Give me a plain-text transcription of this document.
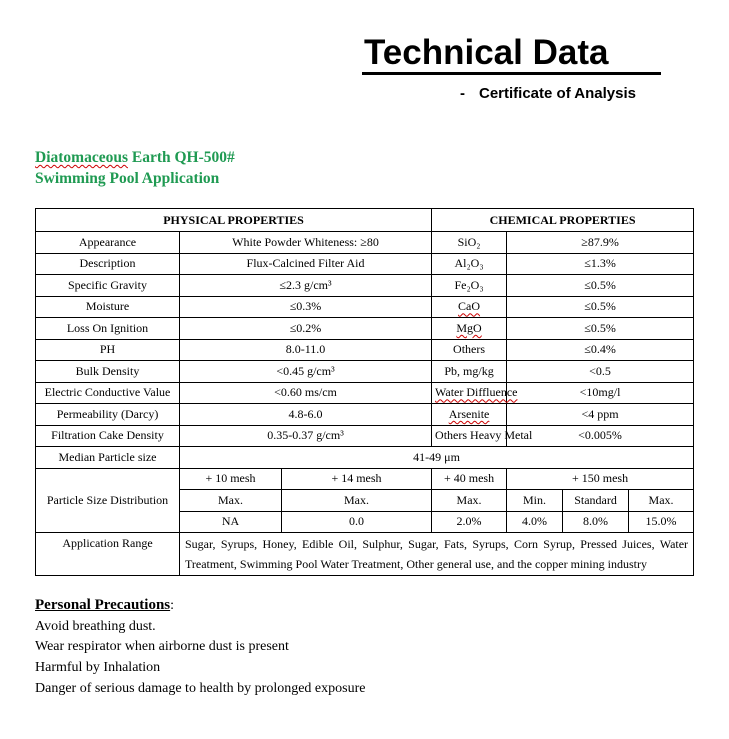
Technical Data
- Certificate of Analysis
Diatomaceous Earth QH-500#
Swimming Pool Application
PHYSICAL PROPERTIES			CHEMICAL PROPERTIES			
Appearance	White Powder Whiteness: ≥80		SiO₂	≥87.9%		
Description	Flux-Calcined Filter Aid		Al₂O₃	≤1.3%		
Specific Gravity	≤2.3 g/cm³		Fe₂O₃	≤0.5%		
Moisture	≤0.3%		CaO	≤0.5%		
Loss On Ignition	≤0.2%		MgO	≤0.5%		
PH	8.0-11.0		Others	≤0.4%		
Bulk Density	<0.45 g/cm³		Pb, mg/kg	<0.5		
Electric Conductive Value	<0.60 ms/cm		Water Diffluence	<10mg/l		
Permeability (Darcy)	4.8-6.0		Arsenite	<4 ppm		
Filtration Cake Density	0.35-0.37 g/cm³		Others Heavy Metal	<0.005%		
Median Particle size	41-49 μm					
Particle Size Distribution	+ 10 mesh	+ 14 mesh	+ 40 mesh	+ 150 mesh		
	Max.	Max.	Max.	Min.	Standard	Max.
	NA	0.0	2.0%	4.0%	8.0%	15.0%
Application Range	Sugar, Syrups, Honey, Edible Oil, Sulphur, Sugar, Fats, Syrups, Corn Syrup, Pressed Juices, Water Treatment, Swimming Pool Water Treatment, Other general use, and the copper mining industry					
Personal Precautions:
Avoid breathing dust.
Wear respirator when airborne dust is present
Harmful by Inhalation
Danger of serious damage to health by prolonged exposure
